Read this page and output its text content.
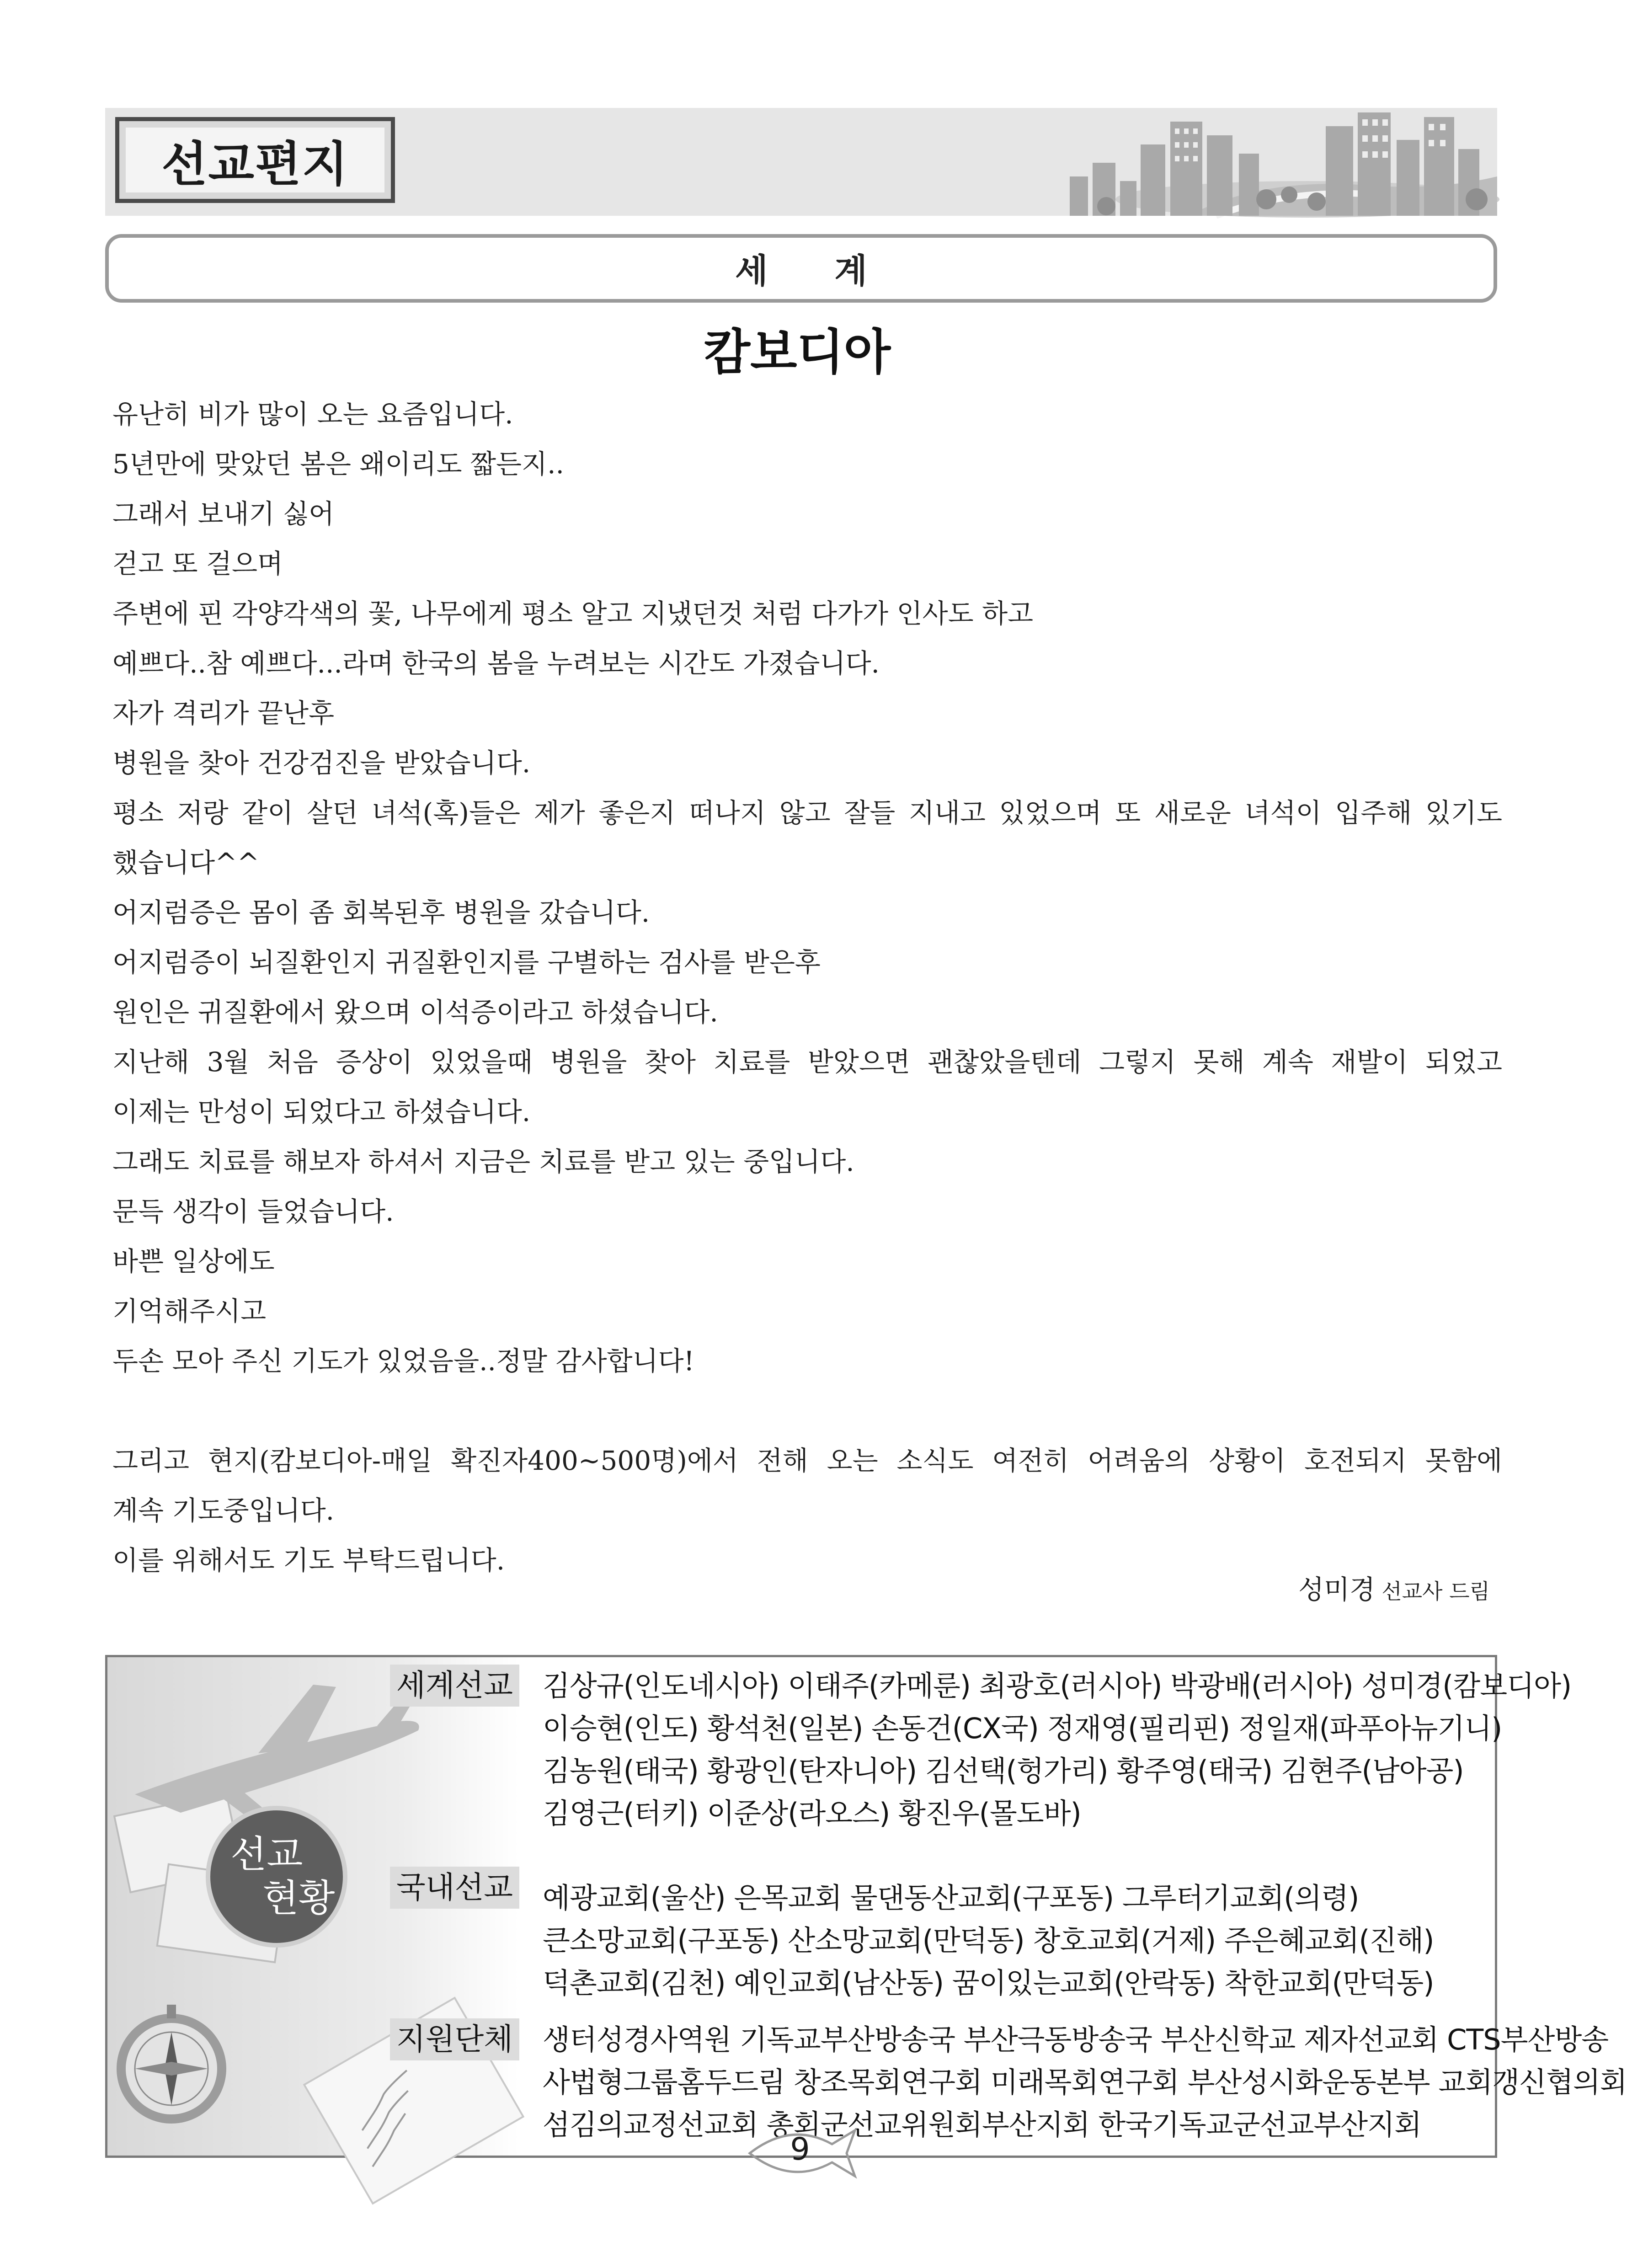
선교편지
세 계
캄보디아
유난히 비가 많이 오는 요즘입니다.
5년만에 맞았던 봄은 왜이리도 짧든지..
그래서 보내기 싫어
걷고 또 걸으며
주변에 핀 각양각색의 꽃, 나무에게 평소 알고 지냈던것 처럼 다가가 인사도 하고
예쁘다..참 예쁘다...라며 한국의 봄을 누려보는 시간도 가졌습니다.
자가 격리가 끝난후
병원을 찾아 건강검진을 받았습니다.
평소 저랑 같이 살던 녀석(혹)들은 제가 좋은지 떠나지 않고 잘들 지내고 있었으며 또 새로운 녀석이 입주해 있기도
했습니다^^
어지럼증은 몸이 좀 회복된후 병원을 갔습니다.
어지럼증이 뇌질환인지 귀질환인지를 구별하는 검사를 받은후
원인은 귀질환에서 왔으며 이석증이라고 하셨습니다.
지난해 3월 처음 증상이 있었을때 병원을 찾아 치료를 받았으면 괜찮았을텐데 그렇지 못해 계속 재발이 되었고
이제는 만성이 되었다고 하셨습니다.
그래도 치료를 해보자 하셔서 지금은 치료를 받고 있는 중입니다.
문득 생각이 들었습니다.
바쁜 일상에도
기억해주시고
두손 모아 주신 기도가 있었음을..정말 감사합니다!
그리고 현지(캄보디아-매일 확진자400~500명)에서 전해 오는 소식도 여전히 어려움의 상황이 호전되지 못함에
계속 기도중입니다.
이를 위해서도 기도 부탁드립니다.
성미경 선교사 드림
세계선교 김상규(인도네시아) 이태주(카메룬) 최광호(러시아) 박광배(러시아) 성미경(캄보디아)
이승현(인도) 황석천(일본) 손동건(CX국) 정재영(필리핀) 정일재(파푸아뉴기니)
김농원(태국) 황광인(탄자니아) 김선택(헝가리) 황주영(태국) 김현주(남아공)
김영근(터키) 이준상(라오스) 황진우(몰도바)
국내선교 예광교회(울산) 은목교회 물댄동산교회(구포동) 그루터기교회(의령)
큰소망교회(구포동) 산소망교회(만덕동) 창호교회(거제) 주은혜교회(진해)
덕촌교회(김천) 예인교회(남산동) 꿈이있는교회(안락동) 착한교회(만덕동)
지원단체 생터성경사역원 기독교부산방송국 부산극동방송국 부산신학교 제자선교회 CTS부산방송
사법형그룹홈두드림 창조목회연구회 미래목회연구회 부산성시화운동본부 교회갱신협의회
섬김의교정선교회 총회군선교위원회부산지회 한국기독교군선교부산지회
선교
현황
9
